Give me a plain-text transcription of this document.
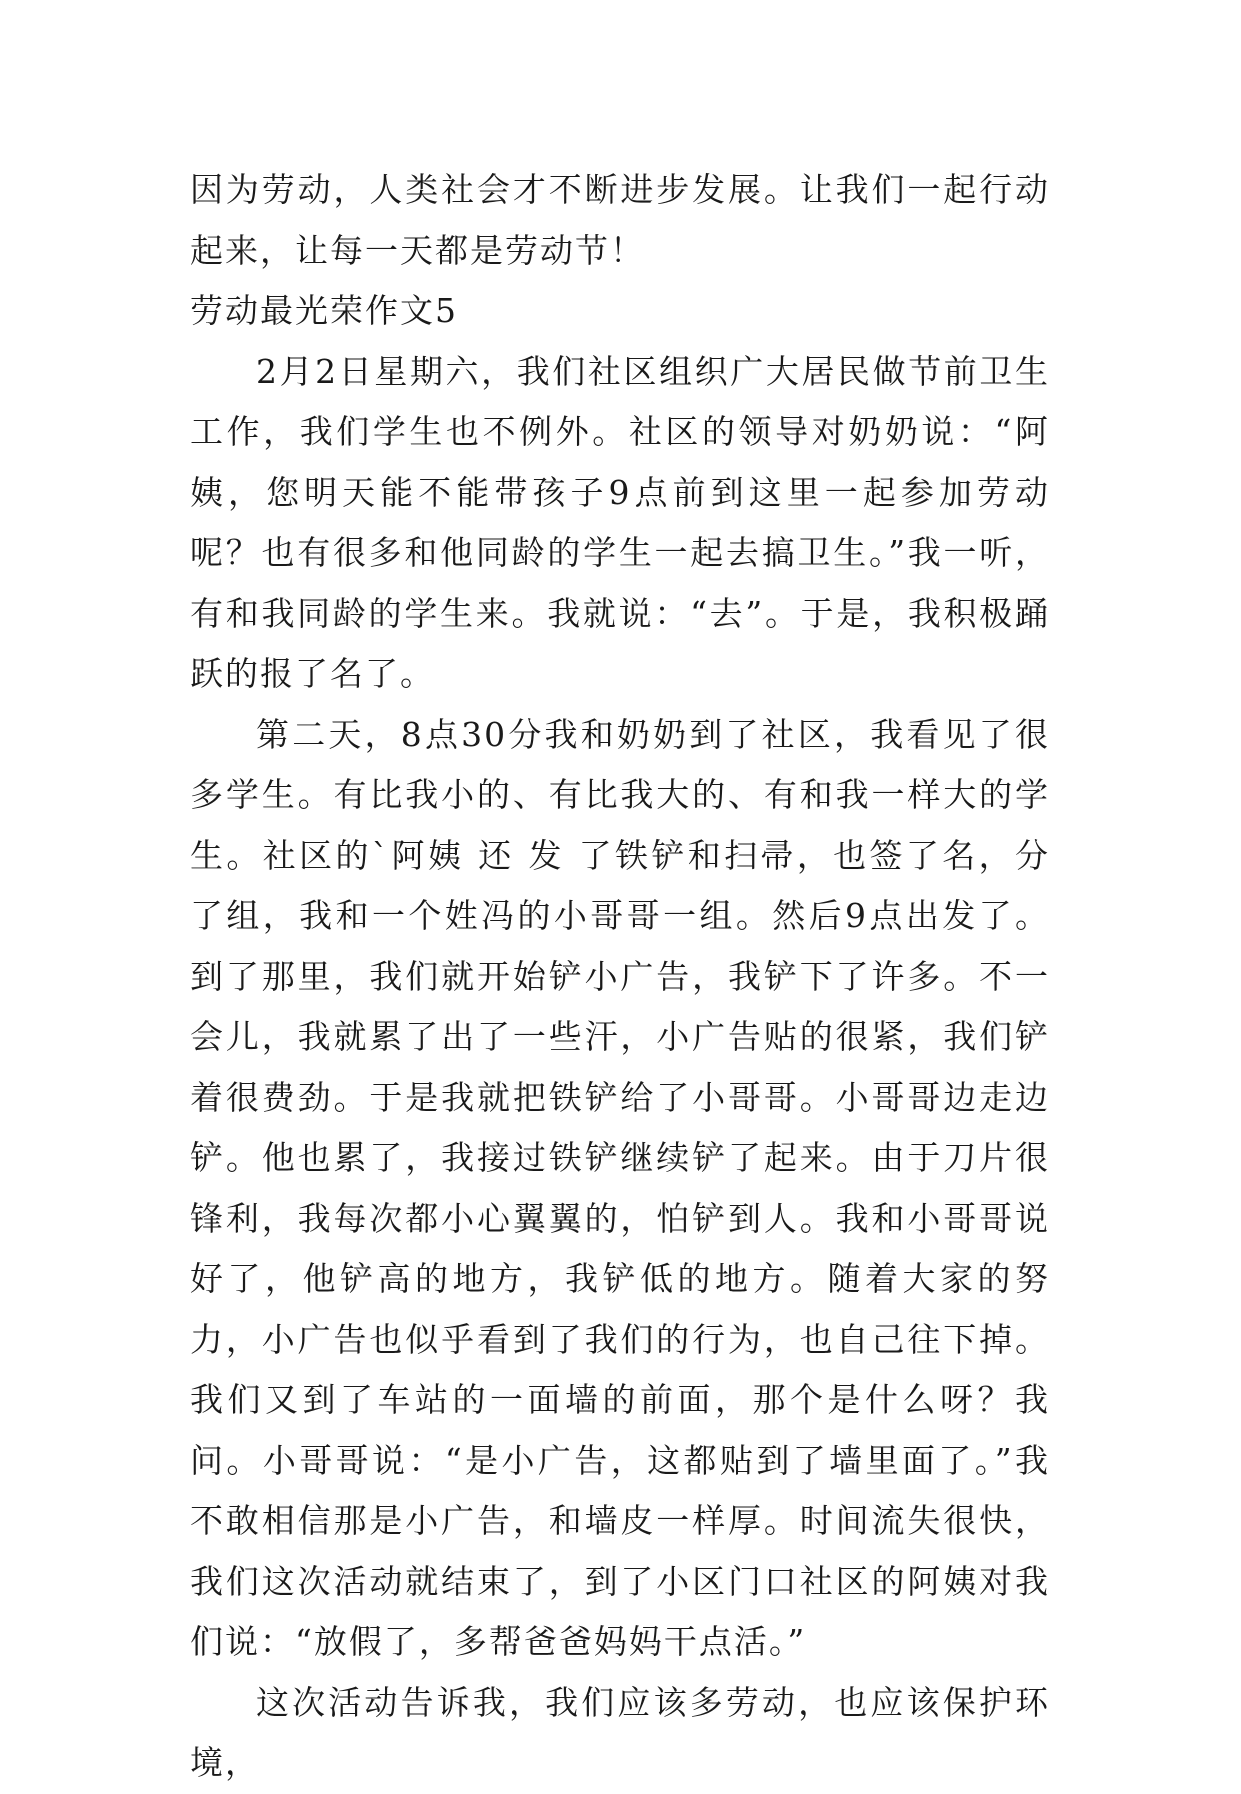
因为劳动，人类社会才不断进步发展。让我们一起行动起来，让每一天都是劳动节！

劳动最光荣作文5

2月2日星期六，我们社区组织广大居民做节前卫生工作，我们学生也不例外。社区的领导对奶奶说：“阿姨，您明天能不能带孩子9点前到这里一起参加劳动呢？也有很多和他同龄的学生一起去搞卫生。”我一听，有和我同龄的学生来。我就说：“去”。于是，我积极踊跃的报了名了。

第二天，8点30分我和奶奶到了社区，我看见了很多学生。有比我小的、有比我大的、有和我一样大的学生。社区的`阿姨 还 发 了铁铲和扫帚，也签了名，分了组，我和一个姓冯的小哥哥一组。然后9点出发了。到了那里，我们就开始铲小广告，我铲下了许多。不一会儿，我就累了出了一些汗，小广告贴的很紧，我们铲着很费劲。于是我就把铁铲给了小哥哥。小哥哥边走边铲。他也累了，我接过铁铲继续铲了起来。由于刀片很锋利，我每次都小心翼翼的，怕铲到人。我和小哥哥说好了，他铲高的地方，我铲低的地方。随着大家的努力，小广告也似乎看到了我们的行为，也自己往下掉。我们又到了车站的一面墙的前面，那个是什么呀？我问。小哥哥说：“是小广告，这都贴到了墙里面了。”我不敢相信那是小广告，和墙皮一样厚。时间流失很快，我们这次活动就结束了，到了小区门口社区的阿姨对我们说：“放假了，多帮爸爸妈妈干点活。”

这次活动告诉我，我们应该多劳动，也应该保护环境，
